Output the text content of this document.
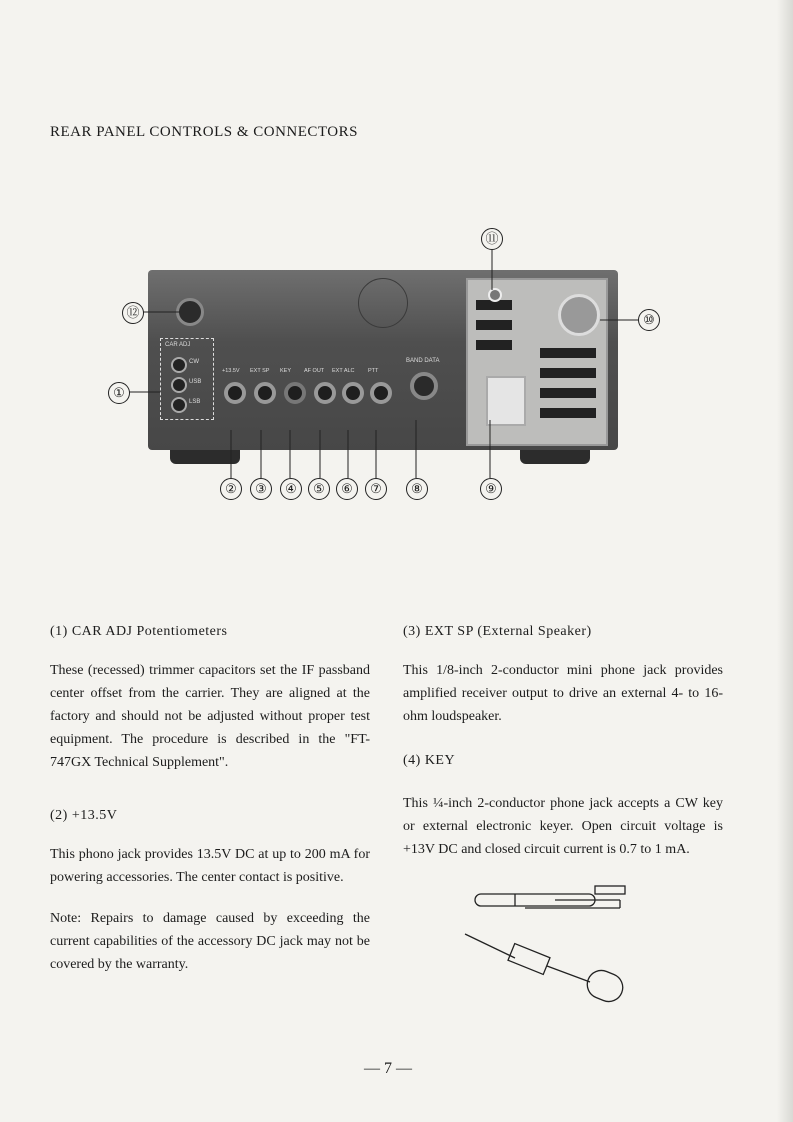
REAR PANEL CONTROLS & CONNECTORS
CAR ADJ
CW
USB
LSB
+13.5V EXT SP KEY AF OUT EXT ALC PTT
BAND DATA
①
②	③	④	⑤	⑥	⑦	⑧	⑨
⑩
⑪
⑫
(1) CAR ADJ Potentiometers

These (recessed) trimmer capacitors set the IF passband center offset from the carrier. They are aligned at the factory and should not be adjusted without proper test equipment. The procedure is described in the "FT-747GX Technical Supplement".

(2) +13.5V

This phono jack provides 13.5V DC at up to 200 mA for powering accessories. The center contact is positive.

Note: Repairs to damage caused by exceeding the current capabilities of the accessory DC jack may not be covered by the warranty.

(3) EXT SP (External Speaker)

This 1/8-inch 2-conductor mini phone jack provides amplified receiver output to drive an external 4- to 16-ohm loudspeaker.

(4) KEY

This ¼-inch 2-conductor phone jack accepts a CW key or external electronic keyer. Open circuit voltage is +13V DC and closed circuit current is 0.7 to 1 mA.

— 7 —
